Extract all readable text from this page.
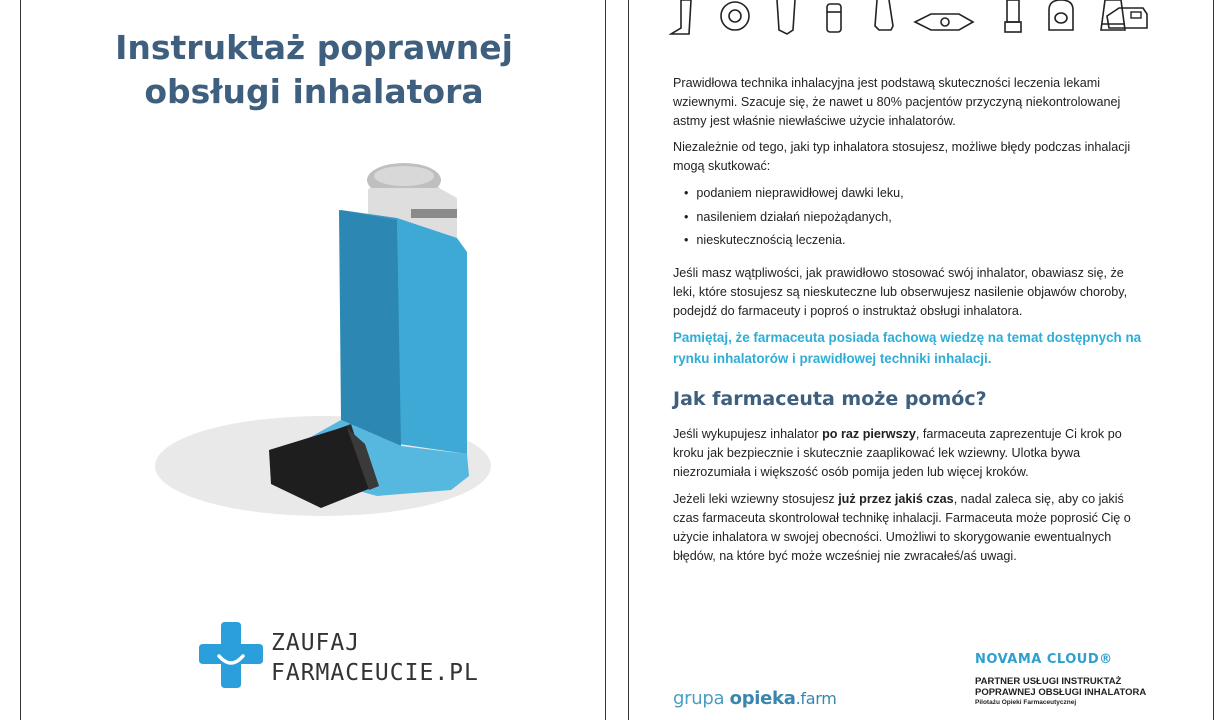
Instruktaż poprawnej
obsługi inhalatora
ZAUFAJ
FARMACEUCIE.PL

Prawidłowa technika inhalacyjna jest podstawą skuteczności leczenia lekami wziewnymi. Szacuje się, że nawet u 80% pacjentów przyczyną niekontrolowanej astmy jest właśnie niewłaściwe użycie inhalatorów.

Niezależnie od tego, jaki typ inhalatora stosujesz, możliwe błędy podczas inhalacji mogą skutkować:

• podaniem nieprawidłowej dawki leku,
• nasileniem działań niepożądanych,
• nieskutecznością leczenia.

Jeśli masz wątpliwości, jak prawidłowo stosować swój inhalator, obawiasz się, że leki, które stosujesz są nieskuteczne lub obserwujesz nasilenie objawów choroby, podejdź do farmaceuty i poproś o instruktaż obsługi inhalatora.

Pamiętaj, że farmaceuta posiada fachową wiedzę na temat dostępnych na rynku inhalatorów i prawidłowej techniki inhalacji.
Jak farmaceuta może pomóc?

Jeśli wykupujesz inhalator po raz pierwszy, farmaceuta zaprezentuje Ci krok po kroku jak bezpiecznie i skutecznie zaaplikować lek wziewny. Ulotka bywa niezrozumiała i większość osób pomija jeden lub więcej kroków.

Jeżeli leki wziewny stosujesz już przez jakiś czas, nadal zaleca się, aby co jakiś czas farmaceuta skontrolował technikę inhalacji. Farmaceuta może poprosić Cię o użycie inhalatora w swojej obecności. Umożliwi to skorygowanie ewentualnych błędów, na które być może wcześniej nie zwracałeś/aś uwagi.

grupa opieka.farm
NOVAMA CLOUD®
PARTNER USŁUGI INSTRUKTAŻ
POPRAWNEJ OBSŁUGI INHALATORA
Pilotażu Opieki Farmaceutycznej
